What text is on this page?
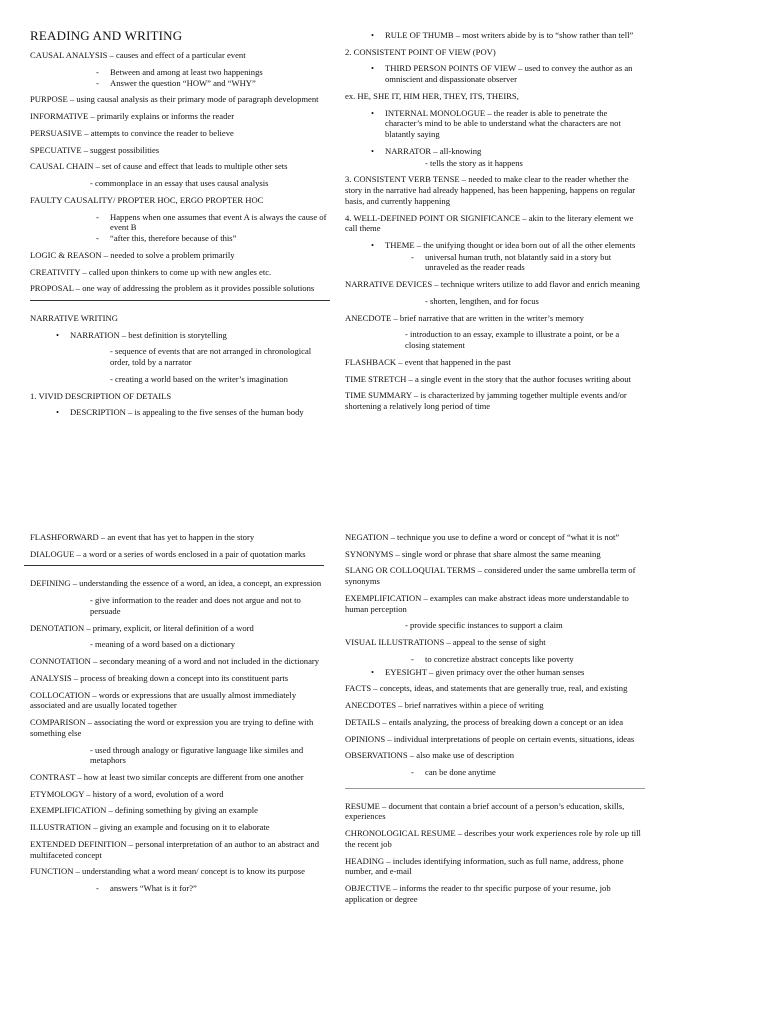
READING AND WRITING

CAUSAL ANALYSIS – causes and effect of a particular event

- Between and among at least two happenings
- Answer the question “HOW” and “WHY”

PURPOSE – using causal analysis as their primary mode of paragraph development

INFORMATIVE – primarily explains or informs the reader

PERSUASIVE – attempts to convince the reader to believe

SPECUATIVE – suggest possibilities

CAUSAL CHAIN – set of cause and effect that leads to multiple other sets

- commonplace in an essay that uses causal analysis

FAULTY CAUSALITY/ PROPTER HOC, ERGO PROPTER HOC

- Happens when one assumes that event A is always the cause of event B
- “after this, therefore because of this”

LOGIC & REASON – needed to solve a problem primarily

CREATIVITY – called upon thinkers to come up with new angles etc.

PROPOSAL – one way of addressing the problem as it provides possible solutions

NARRATIVE WRITING

• NARRATION – best definition is storytelling

- sequence of events that are not arranged in chronological order, told by a narrator

- creating a world based on the writer’s imagination

1. VIVID DESCRIPTION OF DETAILS

• DESCRIPTION – is appealing to the five senses of the human body

• RULE OF THUMB – most writers abide by is to “show rather than tell”

2. CONSISTENT POINT OF VIEW (POV)

• THIRD PERSON POINTS OF VIEW – used to convey the author as an omniscient and dispassionate observer

ex. HE, SHE IT, HIM HER, THEY, ITS, THEIRS,

• INTERNAL MONOLOGUE – the reader is able to penetrate the character’s mind to be able to understand what the characters are not blatantly saying

• NARRATOR – all-knowing

- tells the story as it happens

3. CONSISTENT VERB TENSE – needed to make clear to the reader whether the story in the narrative had already happened, has been happening, happens on regular basis, and currently happening

4. WELL-DEFINED POINT OR SIGNIFICANCE – akin to the literary element we call theme

• THEME – the unifying thought or idea born out of all the other elements

- universal human truth, not blatantly said in a story but unraveled as the reader reads

NARRATIVE DEVICES – technique writers utilize to add flavor and enrich meaning

- shorten, lengthen, and for focus

ANECDOTE – brief narrative that are written in the writer’s memory

- introduction to an essay, example to illustrate a point, or be a closing statement

FLASHBACK – event that happened in the past

TIME STRETCH – a single event in the story that the author focuses writing about

TIME SUMMARY – is characterized by jamming together multiple events and/or shortening a relatively long period of time

FLASHFORWARD – an event that has yet to happen in the story

DIALOGUE – a word or a series of words enclosed in a pair of quotation marks

DEFINING – understanding the essence of a word, an idea, a concept, an expression

- give information to the reader and does not argue and not to persuade

DENOTATION – primary, explicit, or literal definition of a word

- meaning of a word based on a dictionary

CONNOTATION – secondary meaning of a word and not included in the dictionary

ANALYSIS – process of breaking down a concept into its constituent parts

COLLOCATION – words or expressions that are usually almost immediately associated and are usually located together

COMPARISON – associating the word or expression you are trying to define with something else

- used through analogy or figurative language like similes and metaphors

CONTRAST – how at least two similar concepts are different from one another

ETYMOLOGY – history of a word, evolution of a word

EXEMPLIFICATION – defining something by giving an example

ILLUSTRATION – giving an example and focusing on it to elaborate

EXTENDED DEFINITION – personal interpretation of an author to an abstract and multifaceted concept

FUNCTION – understanding what a word mean/ concept is to know its purpose

- answers “What is it for?”

NEGATION – technique you use to define a word or concept of “what it is not”

SYNONYMS – single word or phrase that share almost the same meaning

SLANG OR COLLOQUIAL TERMS – considered under the same umbrella term of synonyms

EXEMPLIFICATION – examples can make abstract ideas more understandable to human perception

- provide specific instances to support a claim

VISUAL ILLUSTRATIONS – appeal to the sense of sight

- to concretize abstract concepts like poverty

• EYESIGHT – given primacy over the other human senses

FACTS – concepts, ideas, and statements that are generally true, real, and existing

ANECDOTES – brief narratives within a piece of writing

DETAILS – entails analyzing, the process of breaking down a concept or an idea

OPINIONS – individual interpretations of people on certain events, situations, ideas

OBSERVATIONS – also make use of description

- can be done anytime

RESUME – document that contain a brief account of a person’s education, skills, experiences

CHRONOLOGICAL RESUME – describes your work experiences role by role up till the recent job

HEADING – includes identifying information, such as full name, address, phone number, and e-mail

OBJECTIVE – informs the reader to thr specific purpose of your resume, job application or degree
